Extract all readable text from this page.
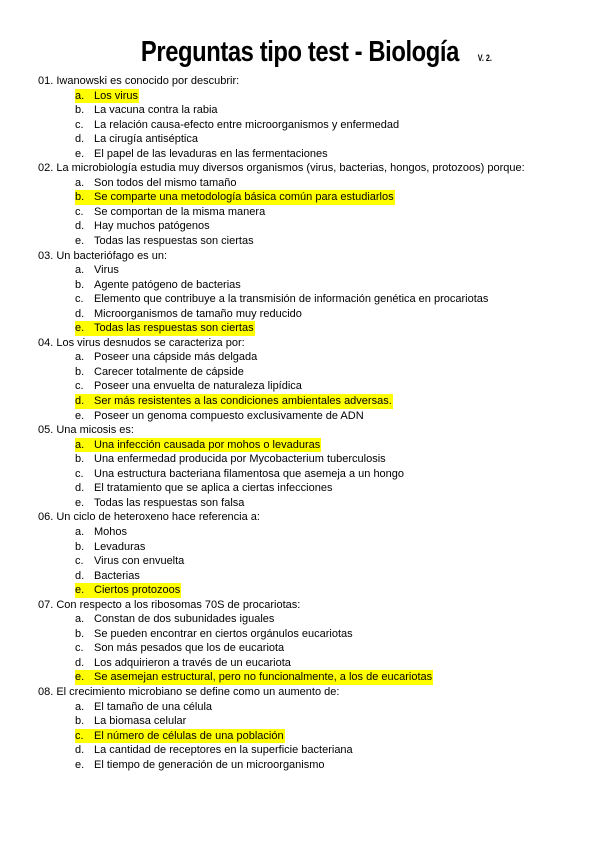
Preguntas tipo test - Biología V. 2.
01. Iwanowski es conocido por descubrir:
a. Los virus
b. La vacuna contra la rabia
c. La relación causa-efecto entre microorganismos y enfermedad
d. La cirugía antiséptica
e. El papel de las levaduras en las fermentaciones
02. La microbiología estudia muy diversos organismos (virus, bacterias, hongos, protozoos) porque:
a. Son todos del mismo tamaño
b. Se comparte una metodología básica común para estudiarlos
c. Se comportan de la misma manera
d. Hay muchos patógenos
e. Todas las respuestas son ciertas
03. Un bacteriófago es un:
a. Virus
b. Agente patógeno de bacterias
c. Elemento que contribuye a la transmisión de información genética en procariotas
d. Microorganismos de tamaño muy reducido
e. Todas las respuestas son ciertas
04. Los virus desnudos se caracteriza por:
a. Poseer una cápside más delgada
b. Carecer totalmente de cápside
c. Poseer una envuelta de naturaleza lipídica
d. Ser más resistentes a las condiciones ambientales adversas.
e. Poseer un genoma compuesto exclusivamente de ADN
05. Una micosis es:
a. Una infección causada por mohos o levaduras
b. Una enfermedad producida por Mycobacterium tuberculosis
c. Una estructura bacteriana filamentosa que asemeja a un hongo
d. El tratamiento que se aplica a ciertas infecciones
e. Todas las respuestas son falsa
06. Un ciclo de heteroxeno hace referencia a:
a. Mohos
b. Levaduras
c. Virus con envuelta
d. Bacterias
e. Ciertos protozoos
07. Con respecto a los ribosomas 70S de procariotas:
a. Constan de dos subunidades iguales
b. Se pueden encontrar en ciertos orgánulos eucariotas
c. Son más pesados que los de eucariota
d. Los adquirieron a través de un eucariota
e. Se asemejan estructural, pero no funcionalmente, a los de eucariotas
08. El crecimiento microbiano se define como un aumento de:
a. El tamaño de una célula
b. La biomasa celular
c. El número de células de una población
d. La cantidad de receptores en la superficie bacteriana
e. El tiempo de generación de un microorganismo
